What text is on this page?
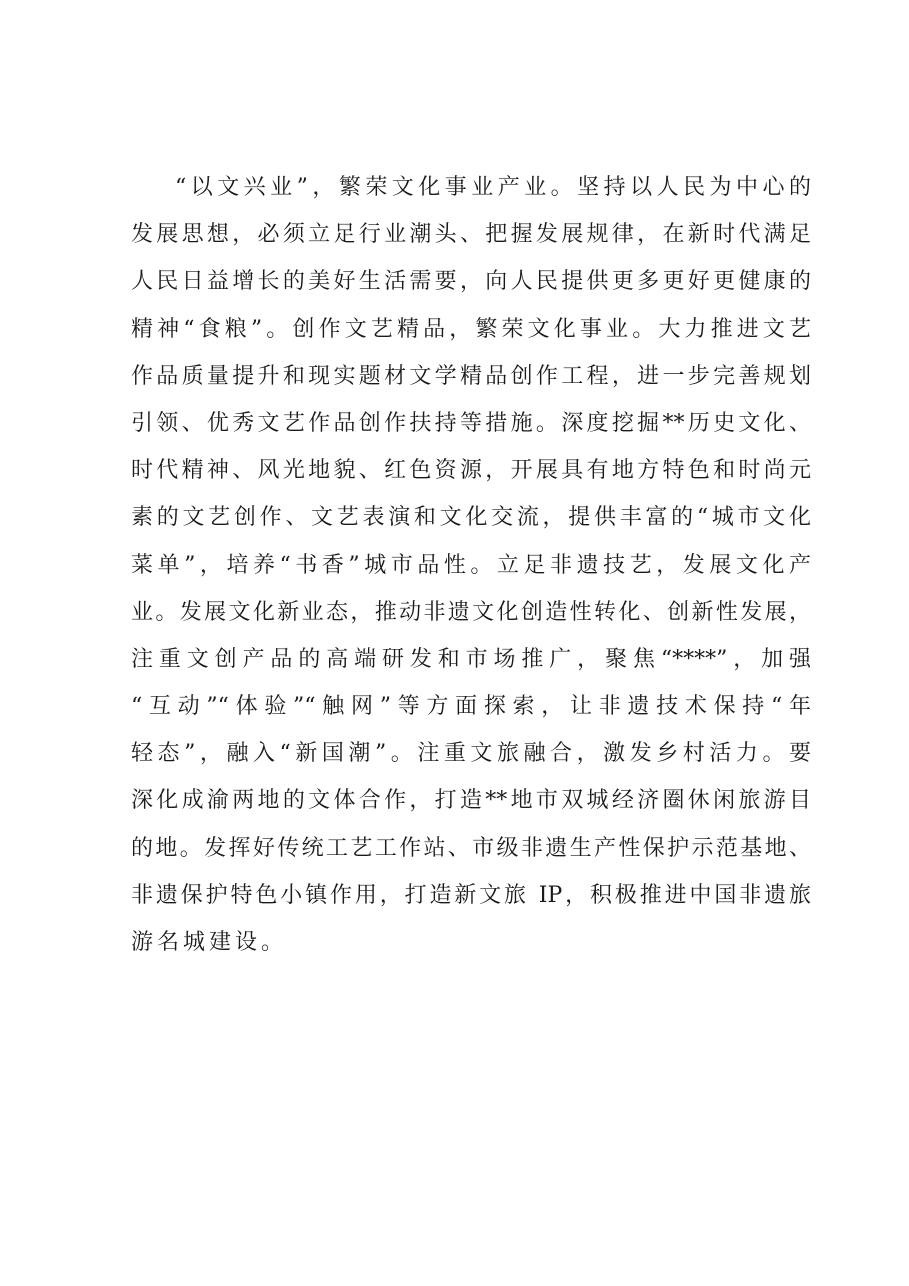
“以文兴业”，繁荣文化事业产业。坚持以人民为中心的
发展思想，必须立足行业潮头、把握发展规律，在新时代满足
人民日益增长的美好生活需要，向人民提供更多更好更健康的
精神“食粮”。创作文艺精品，繁荣文化事业。大力推进文艺
作品质量提升和现实题材文学精品创作工程，进一步完善规划
引领、优秀文艺作品创作扶持等措施。深度挖掘**历史文化、
时代精神、风光地貌、红色资源，开展具有地方特色和时尚元
素的文艺创作、文艺表演和文化交流，提供丰富的“城市文化
菜单”，培养“书香”城市品性。立足非遗技艺，发展文化产
业。发展文化新业态，推动非遗文化创造性转化、创新性发展，
注重文创产品的高端研发和市场推广，聚焦“****”，加强
“互动”“体验”“触网”等方面探索，让非遗技术保持“年
轻态”，融入“新国潮”。注重文旅融合，激发乡村活力。要
深化成渝两地的文体合作，打造**地市双城经济圈休闲旅游目
的地。发挥好传统工艺工作站、市级非遗生产性保护示范基地、
非遗保护特色小镇作用，打造新文旅 IP，积极推进中国非遗旅
游名城建设。
